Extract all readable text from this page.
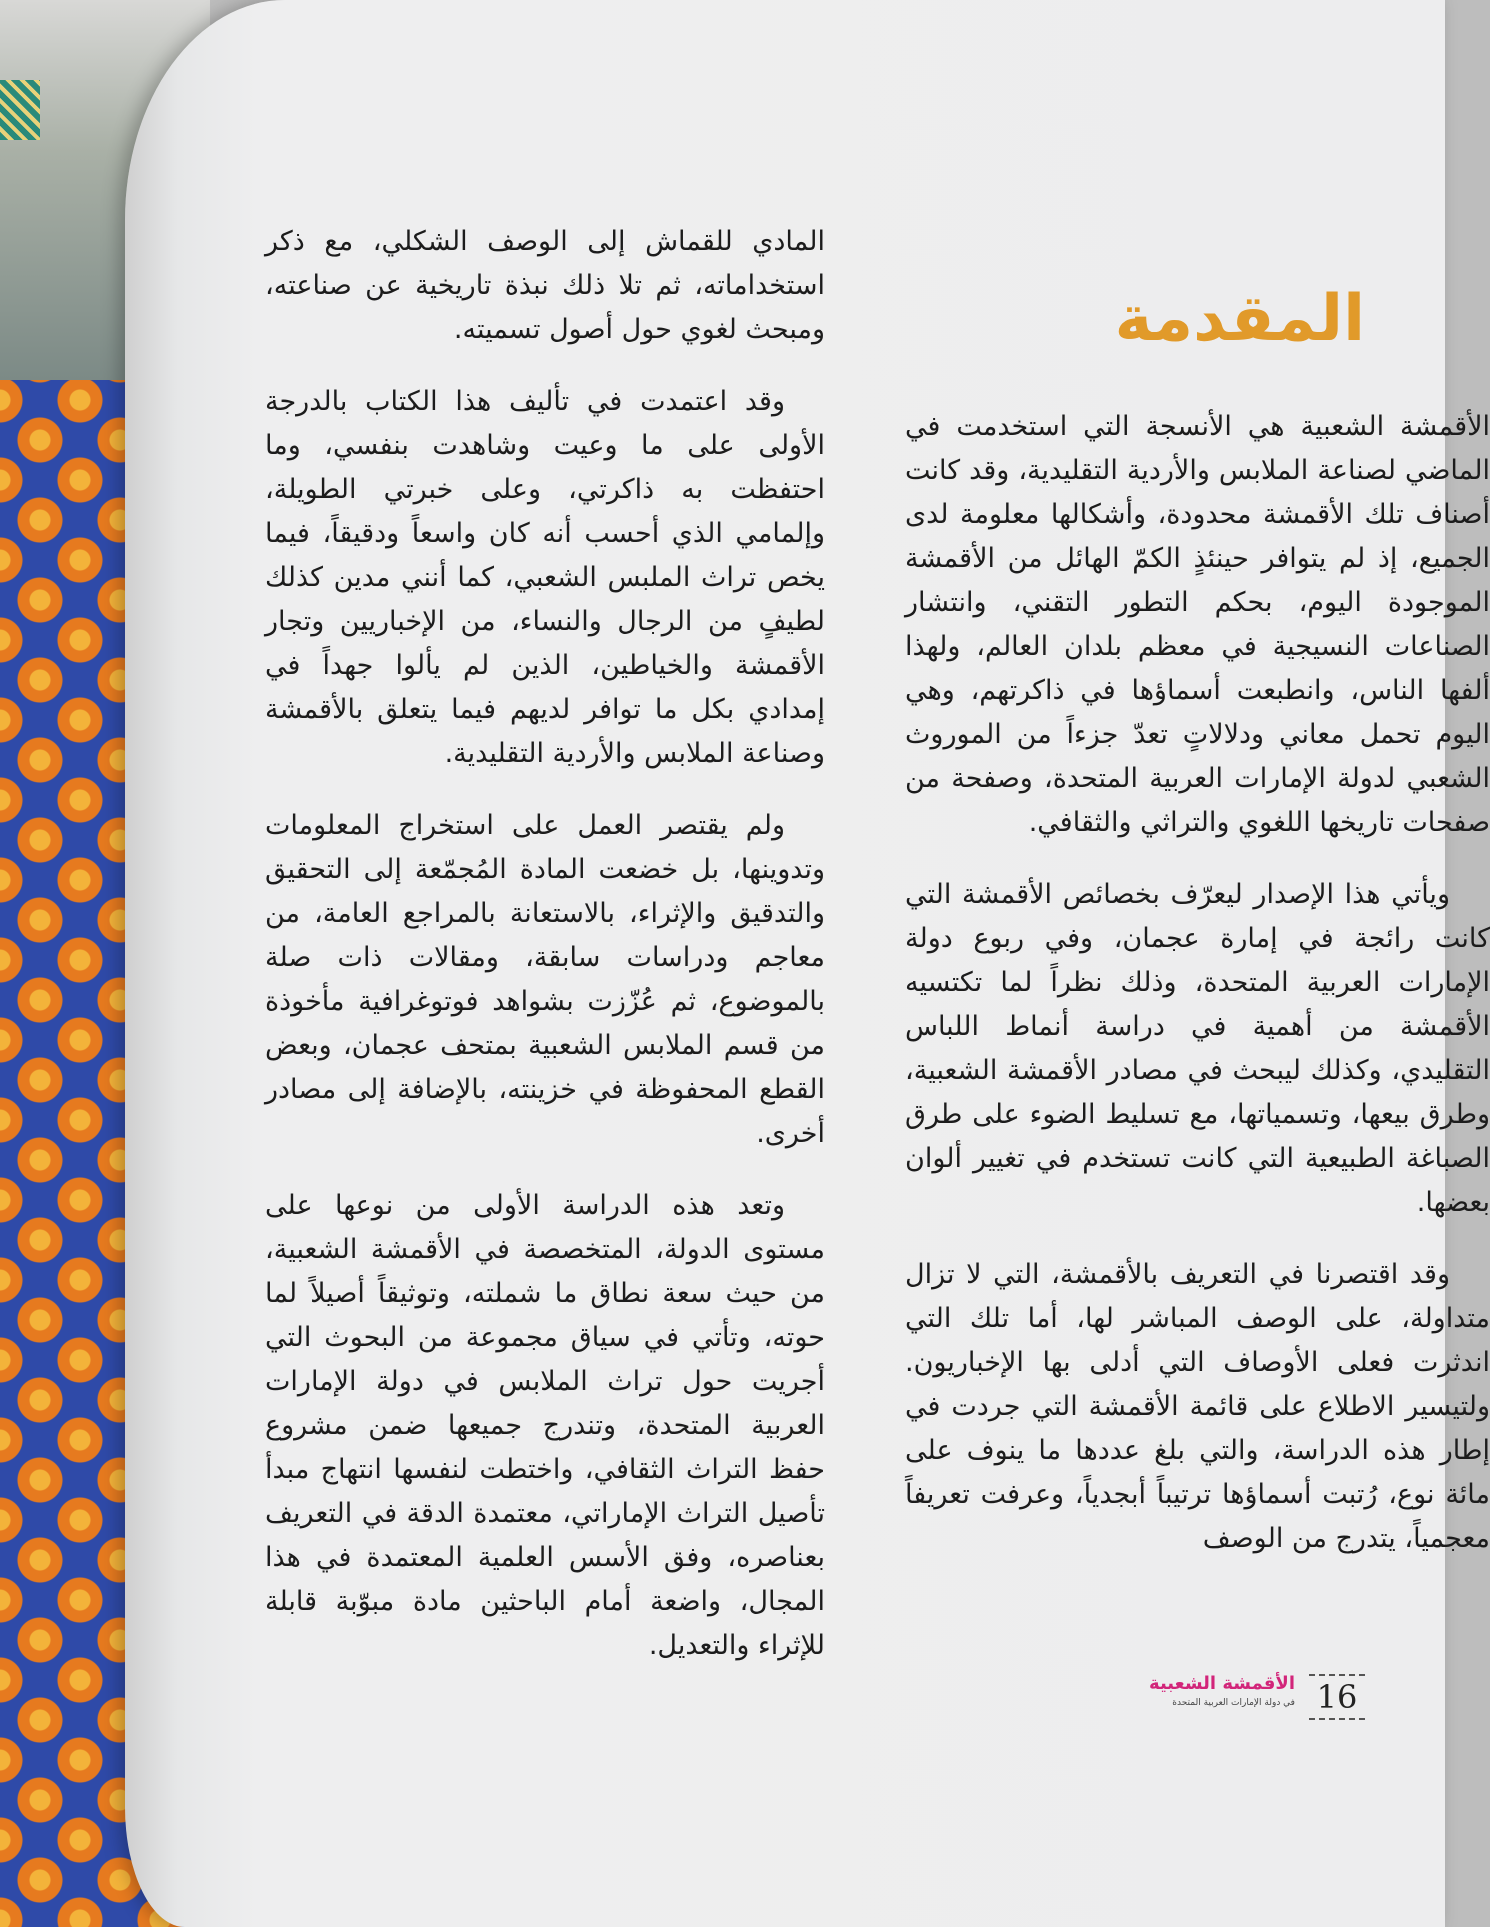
المقدمة

الأقمشة الشعبية هي الأنسجة التي استخدمت في الماضي لصناعة الملابس والأردية التقليدية، وقد كانت أصناف تلك الأقمشة محدودة، وأشكالها معلومة لدى الجميع، إذ لم يتوافر حينئذٍ الكمّ الهائل من الأقمشة الموجودة اليوم، بحكم التطور التقني، وانتشار الصناعات النسيجية في معظم بلدان العالم، ولهذا ألفها الناس، وانطبعت أسماؤها في ذاكرتهم، وهي اليوم تحمل معاني ودلالاتٍ تعدّ جزءاً من الموروث الشعبي لدولة الإمارات العربية المتحدة، وصفحة من صفحات تاريخها اللغوي والتراثي والثقافي.

ويأتي هذا الإصدار ليعرّف بخصائص الأقمشة التي كانت رائجة في إمارة عجمان، وفي ربوع دولة الإمارات العربية المتحدة، وذلك نظراً لما تكتسيه الأقمشة من أهمية في دراسة أنماط اللباس التقليدي، وكذلك ليبحث في مصادر الأقمشة الشعبية، وطرق بيعها، وتسمياتها، مع تسليط الضوء على طرق الصباغة الطبيعية التي كانت تستخدم في تغيير ألوان بعضها.

وقد اقتصرنا في التعريف بالأقمشة، التي لا تزال متداولة، على الوصف المباشر لها، أما تلك التي اندثرت فعلى الأوصاف التي أدلى بها الإخباريون. ولتيسير الاطلاع على قائمة الأقمشة التي جردت في إطار هذه الدراسة، والتي بلغ عددها ما ينوف على مائة نوع، رُتبت أسماؤها ترتيباً أبجدياً، وعرفت تعريفاً معجمياً، يتدرج من الوصف

المادي للقماش إلى الوصف الشكلي، مع ذكر استخداماته، ثم تلا ذلك نبذة تاريخية عن صناعته، ومبحث لغوي حول أصول تسميته.

وقد اعتمدت في تأليف هذا الكتاب بالدرجة الأولى على ما وعيت وشاهدت بنفسي، وما احتفظت به ذاكرتي، وعلى خبرتي الطويلة، وإلمامي الذي أحسب أنه كان واسعاً ودقيقاً، فيما يخص تراث الملبس الشعبي، كما أنني مدين كذلك لطيفٍ من الرجال والنساء، من الإخباريين وتجار الأقمشة والخياطين، الذين لم يألوا جهداً في إمدادي بكل ما توافر لديهم فيما يتعلق بالأقمشة وصناعة الملابس والأردية التقليدية.

ولم يقتصر العمل على استخراج المعلومات وتدوينها، بل خضعت المادة المُجمّعة إلى التحقيق والتدقيق والإثراء، بالاستعانة بالمراجع العامة، من معاجم ودراسات سابقة، ومقالات ذات صلة بالموضوع، ثم عُزّزت بشواهد فوتوغرافية مأخوذة من قسم الملابس الشعبية بمتحف عجمان، وبعض القطع المحفوظة في خزينته، بالإضافة إلى مصادر أخرى.

وتعد هذه الدراسة الأولى من نوعها على مستوى الدولة، المتخصصة في الأقمشة الشعبية، من حيث سعة نطاق ما شملته، وتوثيقاً أصيلاً لما حوته، وتأتي في سياق مجموعة من البحوث التي أجريت حول تراث الملابس في دولة الإمارات العربية المتحدة، وتندرج جميعها ضمن مشروع حفظ التراث الثقافي، واختطت لنفسها انتهاج مبدأ تأصيل التراث الإماراتي، معتمدة الدقة في التعريف بعناصره، وفق الأسس العلمية المعتمدة في هذا المجال، واضعة أمام الباحثين مادة مبوّبة قابلة للإثراء والتعديل.

16
الأقمشة الشعبية
في دولة الإمارات العربية المتحدة
